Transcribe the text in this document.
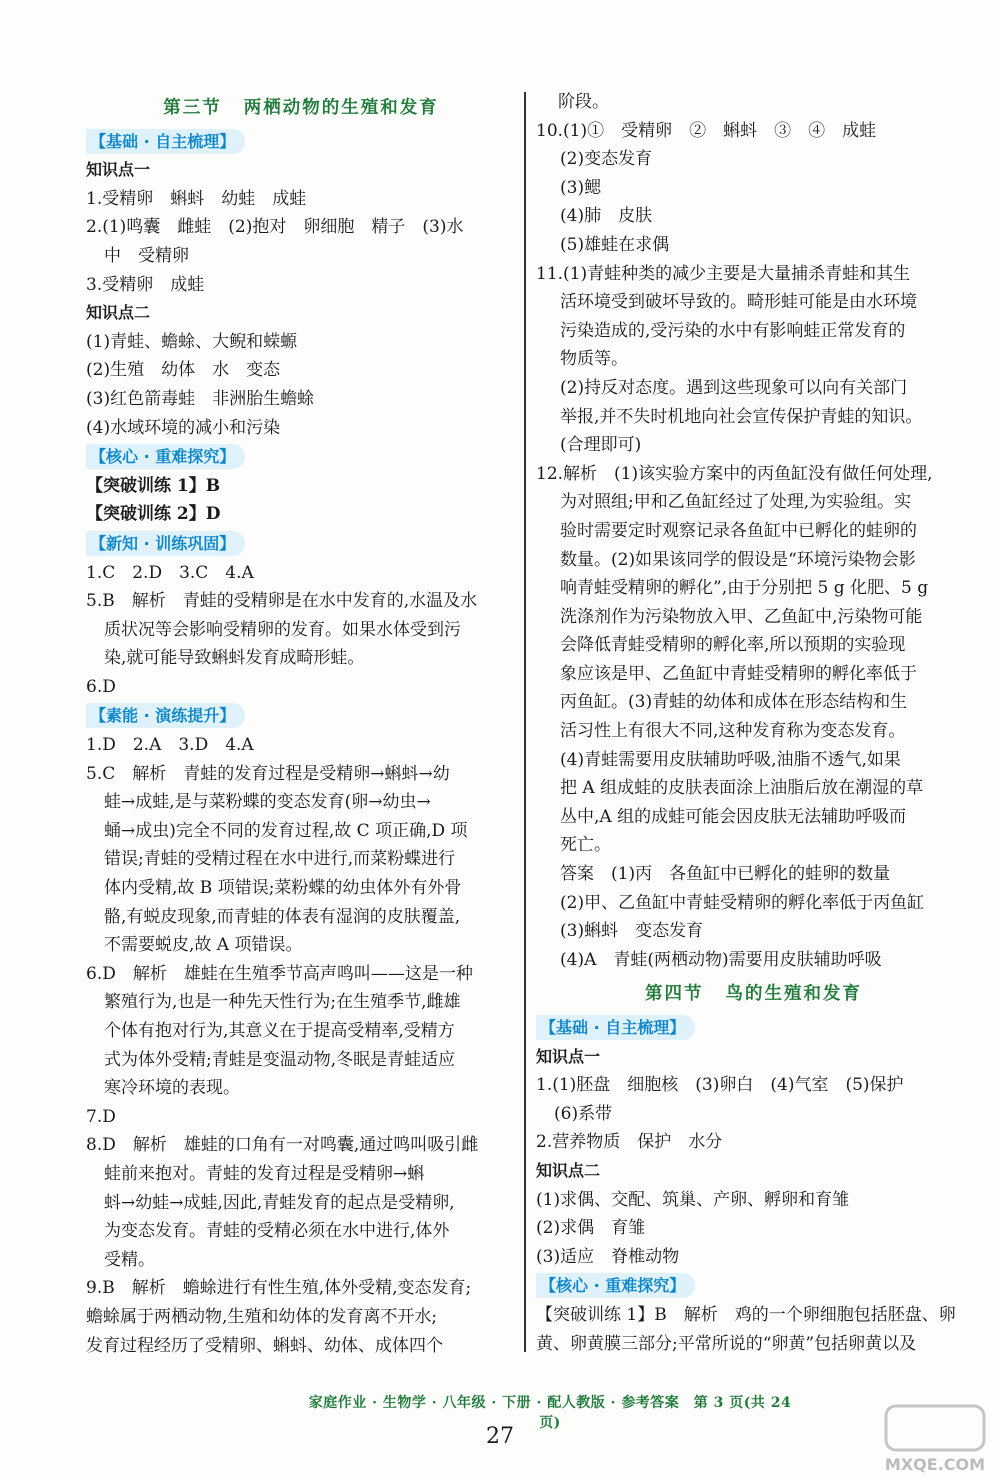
第三节 两栖动物的生殖和发育
【基础 · 自主梳理】
知识点一
1.受精卵　蝌蚪　幼蛙　成蛙
2.(1)鸣囊　雌蛙　(2)抱对　卵细胞　精子　(3)水
中　受精卵
3.受精卵　成蛙
知识点二
(1)青蛙、蟾蜍、大鲵和蝾螈
(2)生殖　幼体　水　变态
(3)红色箭毒蛙　非洲胎生蟾蜍
(4)水域环境的减小和污染
【核心 · 重难探究】
【突破训练 1】B
【突破训练 2】D
【新知 · 训练巩固】
1.C　2.D　3.C　4.A
5.B　解析　青蛙的受精卵是在水中发育的,水温及水
质状况等会影响受精卵的发育。如果水体受到污
染,就可能导致蝌蚪发育成畸形蛙。
6.D
【素能 · 演练提升】
1.D　2.A　3.D　4.A
5.C　解析　青蛙的发育过程是受精卵→蝌蚪→幼
蛙→成蛙,是与菜粉蝶的变态发育(卵→幼虫→
蛹→成虫)完全不同的发育过程,故 C 项正确,D 项
错误;青蛙的受精过程在水中进行,而菜粉蝶进行
体内受精,故 B 项错误;菜粉蝶的幼虫体外有外骨
骼,有蜕皮现象,而青蛙的体表有湿润的皮肤覆盖,
不需要蜕皮,故 A 项错误。
6.D　解析　雄蛙在生殖季节高声鸣叫——这是一种
繁殖行为,也是一种先天性行为;在生殖季节,雌雄
个体有抱对行为,其意义在于提高受精率,受精方
式为体外受精;青蛙是变温动物,冬眠是青蛙适应
寒冷环境的表现。
7.D
8.D　解析　雄蛙的口角有一对鸣囊,通过鸣叫吸引雌
蛙前来抱对。青蛙的发育过程是受精卵→蝌
蚪→幼蛙→成蛙,因此,青蛙发育的起点是受精卵,
为变态发育。青蛙的受精必须在水中进行,体外
受精。
9.B　解析　蟾蜍进行有性生殖,体外受精,变态发育;
蟾蜍属于两栖动物,生殖和幼体的发育离不开水;
发育过程经历了受精卵、蝌蚪、幼体、成体四个
阶段。
10.(1)①　受精卵　②　蝌蚪　③　④　成蛙
(2)变态发育
(3)鳃
(4)肺　皮肤
(5)雄蛙在求偶
11.(1)青蛙种类的减少主要是大量捕杀青蛙和其生
活环境受到破坏导致的。畸形蛙可能是由水环境
污染造成的,受污染的水中有影响蛙正常发育的
物质等。
(2)持反对态度。遇到这些现象可以向有关部门
举报,并不失时机地向社会宣传保护青蛙的知识。
(合理即可)
12.解析　(1)该实验方案中的丙鱼缸没有做任何处理,
为对照组;甲和乙鱼缸经过了处理,为实验组。实
验时需要定时观察记录各鱼缸中已孵化的蛙卵的
数量。(2)如果该同学的假设是“环境污染物会影
响青蛙受精卵的孵化”,由于分别把 5 g 化肥、5 g
洗涤剂作为污染物放入甲、乙鱼缸中,污染物可能
会降低青蛙受精卵的孵化率,所以预期的实验现
象应该是甲、乙鱼缸中青蛙受精卵的孵化率低于
丙鱼缸。(3)青蛙的幼体和成体在形态结构和生
活习性上有很大不同,这种发育称为变态发育。
(4)青蛙需要用皮肤辅助呼吸,油脂不透气,如果
把 A 组成蛙的皮肤表面涂上油脂后放在潮湿的草
丛中,A 组的成蛙可能会因皮肤无法辅助呼吸而
死亡。
答案　(1)丙　各鱼缸中已孵化的蛙卵的数量
(2)甲、乙鱼缸中青蛙受精卵的孵化率低于丙鱼缸
(3)蝌蚪　变态发育
(4)A　青蛙(两栖动物)需要用皮肤辅助呼吸
第四节 鸟的生殖和发育
【基础 · 自主梳理】
知识点一
1.(1)胚盘　细胞核　(3)卵白　(4)气室　(5)保护
(6)系带
2.营养物质　保护　水分
知识点二
(1)求偶、交配、筑巢、产卵、孵卵和育雏
(2)求偶　育雏
(3)适应　脊椎动物
【核心 · 重难探究】
【突破训练 1】B　解析　鸡的一个卵细胞包括胚盘、卵
黄、卵黄膜三部分;平常所说的“卵黄”包括卵黄以及
家庭作业 · 生物学 · 八年级 · 下册 · 配人教版 · 参考答案　第 3 页(共 24 页)
27
MXQE.COM
